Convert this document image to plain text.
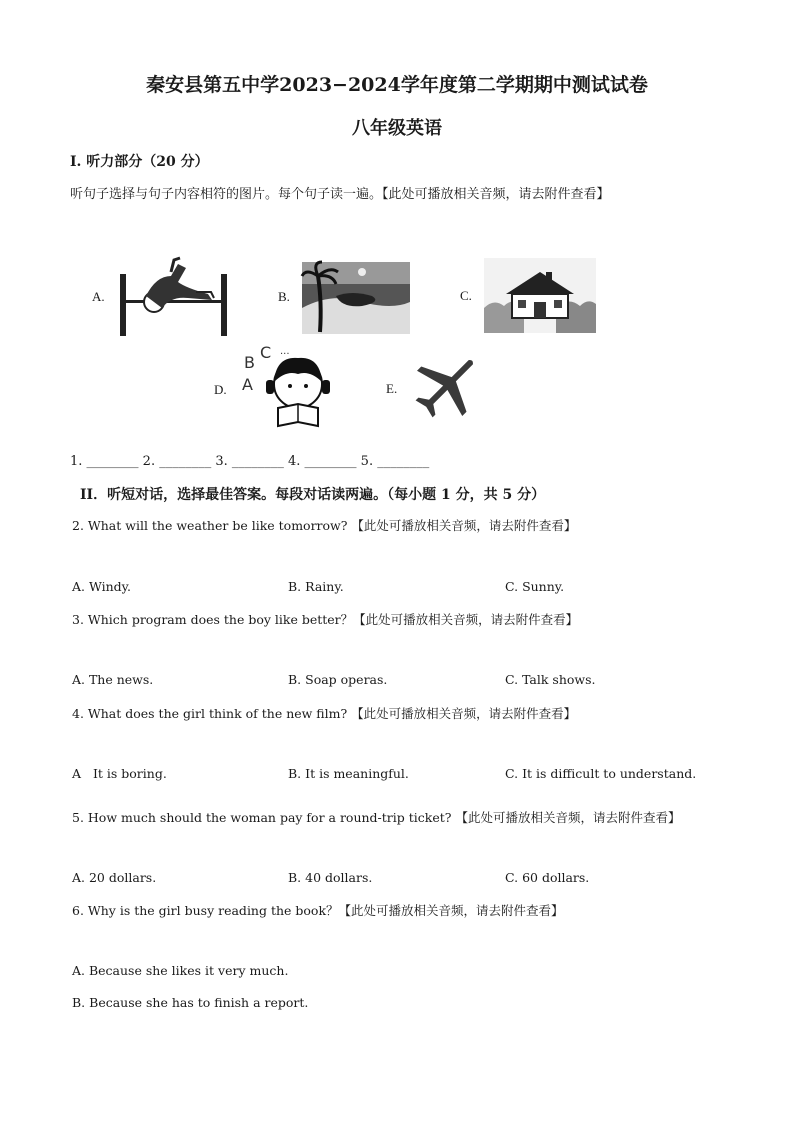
秦安县第五中学2023−2024学年度第二学期期中测试试卷
八年级英语
I. 听力部分（20 分）
听句子选择与句子内容相符的图片。每个句子读一遍。【此处可播放相关音频，请去附件查看】
A.	B.	C.
D.
B
C
A
...
E.
1. ________ 2. ________ 3. ________ 4. ________ 5. ________
II．听短对话，选择最佳答案。每段对话读两遍。（每小题 1 分，共 5 分）
2. What will the weather be like tomorrow? 【此处可播放相关音频，请去附件查看】
A. Windy.	B. Rainy.	C. Sunny.
3. Which program does the boy like better？【此处可播放相关音频，请去附件查看】
A. The news.	B. Soap operas.	C. Talk shows.
4. What does the girl think of the new film? 【此处可播放相关音频，请去附件查看】
A   It is boring.	B. It is meaningful.	C. It is difficult to understand.
5. How much should the woman pay for a round-trip ticket? 【此处可播放相关音频，请去附件查看】
A. 20 dollars.	B. 40 dollars.	C. 60 dollars.
6. Why is the girl busy reading the book？【此处可播放相关音频，请去附件查看】
A. Because she likes it very much.
B. Because she has to finish a report.
